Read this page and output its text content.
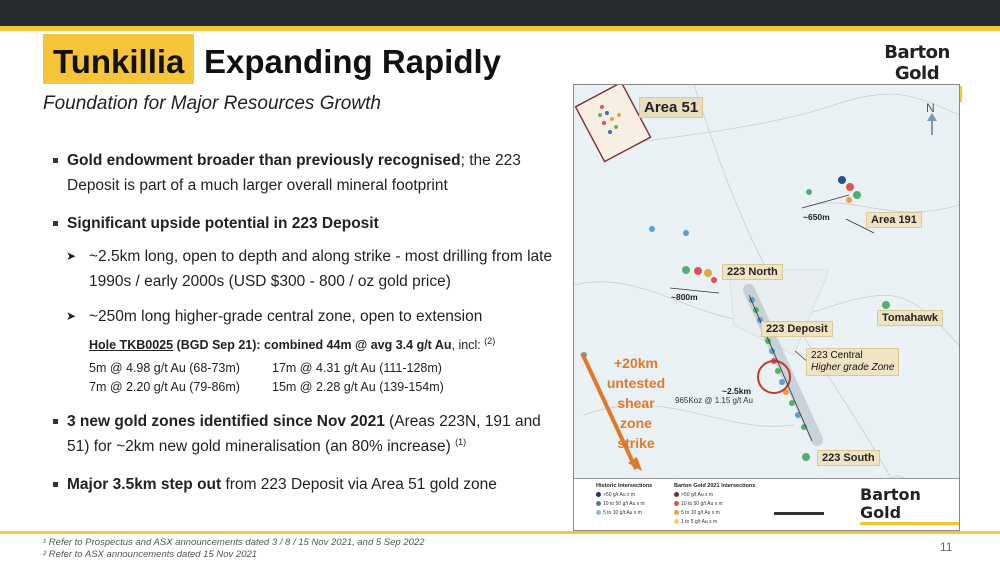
Tunkillia Expanding Rapidly	Barton Gold
Foundation for Major Resources Growth
Gold endowment broader than previously recognised; the 223 Deposit is part of a much larger overall mineral footprint
Significant upside potential in 223 Deposit
➤ ~2.5km long, open to depth and along strike - most drilling from late 1990s / early 2000s (USD $300 - 800 / oz gold price)
➤ ~250m long higher-grade central zone, open to extension
Hole TKB0025 (BGD Sep 21): combined 44m @ avg 3.4 g/t Au, incl: $^{(2)}$
5m @ 4.98 g/t Au (68-73m)	17m @ 4.31 g/t Au (111-128m)
7m @ 2.20 g/t Au (79-86m)	15m @ 2.28 g/t Au (139-154m)
3 new gold zones identified since Nov 2021 (Areas 223N, 191 and 51) for ~2km new gold mineralisation (an 80% increase) $^{(1)}$
Major 3.5km step out from 223 Deposit via Area 51 gold zone
Area 51	N
Area 191
223 North
Tomahawk
223 Deposit
223 Central
Higher grade Zone
223 South
~650m
~800m
~2.5km
965Koz @ 1.15 g/t Au
+20km
untested
shear
zone
strike
Historic Intersections
>50 g/t Au x m
10 to 50 g/t Au x m
5 to 10 g/t Au x m
Barton Gold 2021 Intersections
>50 g/t Au x m
10 to 50 g/t Au x m
5 to 10 g/t Au x m
1 to 5 g/t Au x m
Barton Gold
¹ Refer to Prospectus and ASX announcements dated 3 / 8 / 15 Nov 2021, and 5 Sep 2022
² Refer to ASX announcements dated 15 Nov 2021
11
